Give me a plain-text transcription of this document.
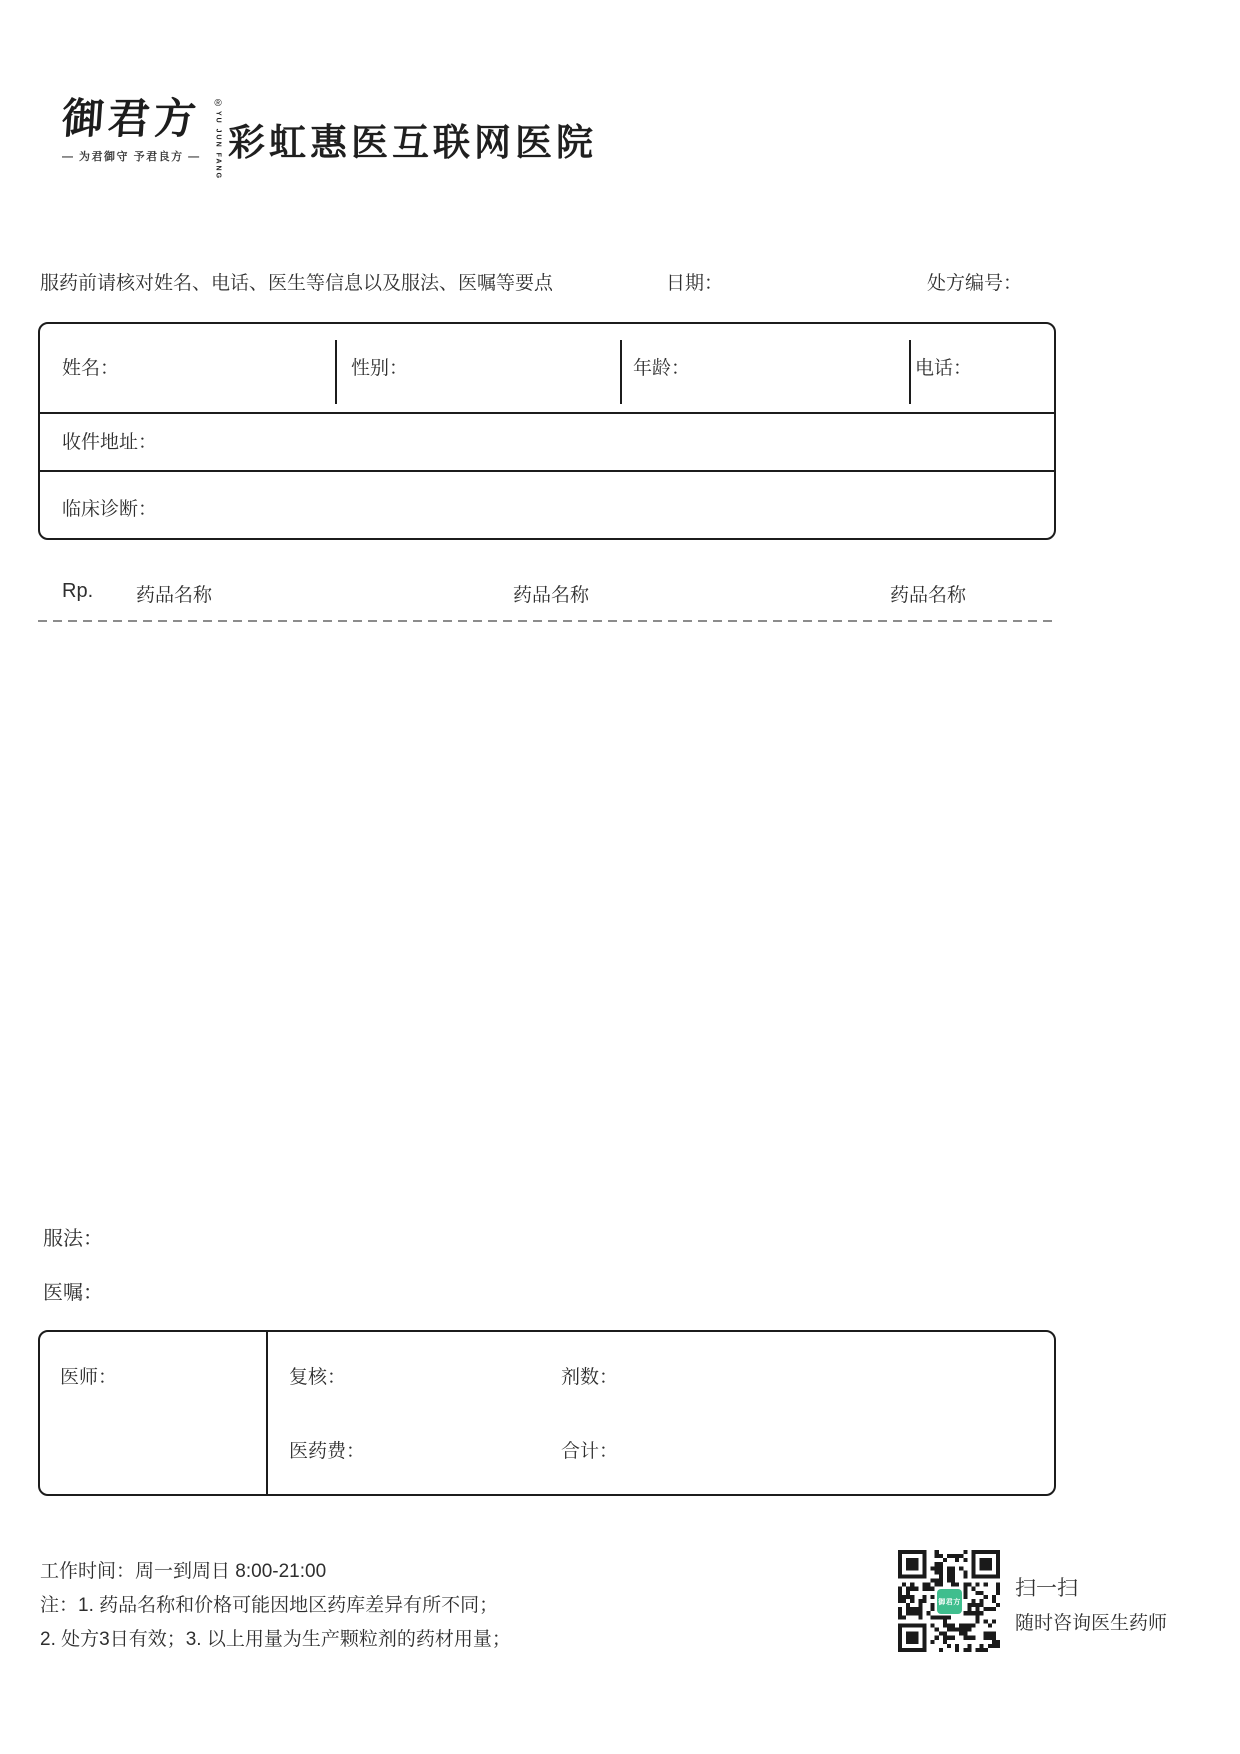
御君方	®
YU JUN FANG
— 为君御守 予君良方 — 彩虹惠医互联网医院
服药前请核对姓名、电话、医生等信息以及服法、医嘱等要点	日期：	处方编号：
姓名：	性别：	年龄：	电话：
收件地址：
临床诊断：
Rp. 药品名称	药品名称	药品名称
服法：
医嘱：
医师：	复核：	剂数：
医药费：	合计：
工作时间：周一到周日 8:00-21:00
注：1. 药品名称和价格可能因地区药库差异有所不同；
2. 处方3日有效；3. 以上用量为生产颗粒剂的药材用量；
御君方
扫一扫
随时咨询医生药师
